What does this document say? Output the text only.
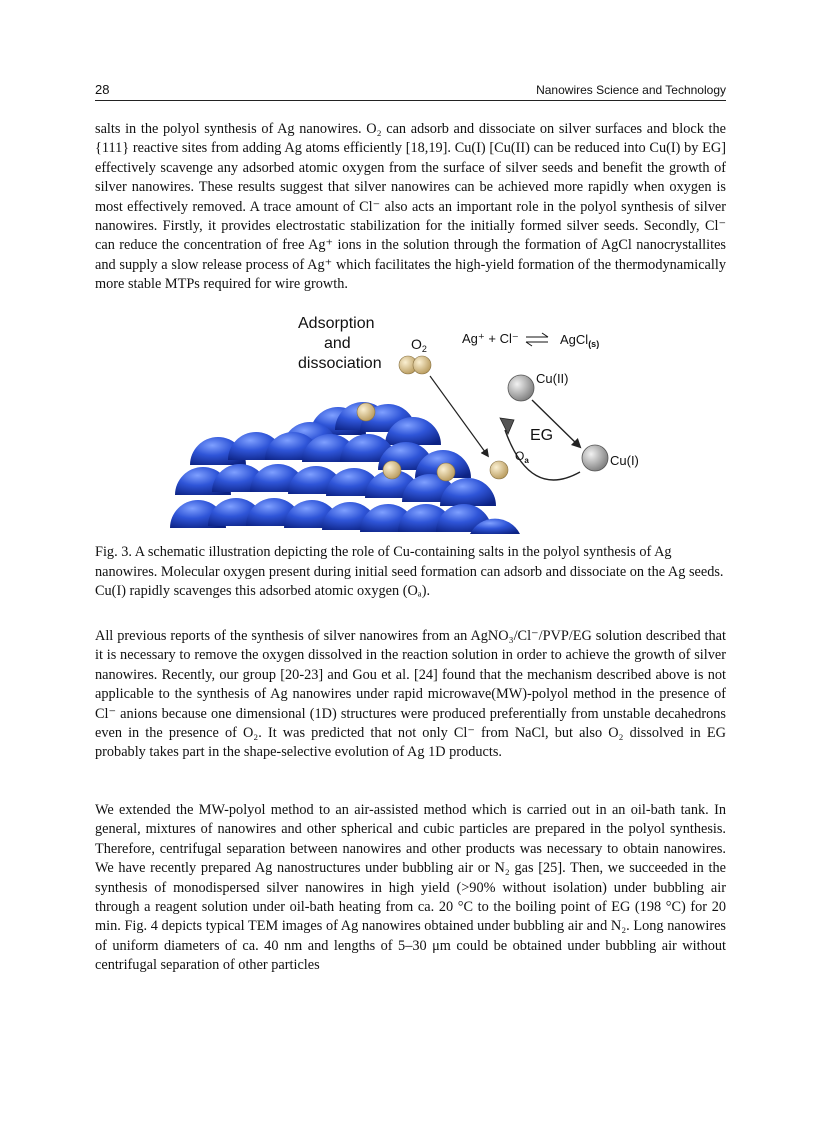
28	Nanowires Science and Technology
salts in the polyol synthesis of Ag nanowires. O₂ can adsorb and dissociate on silver surfaces and block the {111} reactive sites from adding Ag atoms efficiently [18,19]. Cu(I) [Cu(II) can be reduced into Cu(I) by EG] effectively scavenge any adsorbed atomic oxygen from the surface of silver seeds and benefit the growth of silver nanowires. These results suggest that silver nanowires can be achieved more rapidly when oxygen is most effectively removed. A trace amount of Cl⁻ also acts an important role in the polyol synthesis of silver nanowires. Firstly, it provides electrostatic stabilization for the initially formed silver seeds. Secondly, Cl⁻ can reduce the concentration of free Ag⁺ ions in the solution through the formation of AgCl nanocrystallites and supply a slow release process of Ag⁺ which facilitates the high-yield formation of the thermodynamically more stable MTPs required for wire growth.
Adsorption
and
dissociation
$O_2$
Ag⁺ + Cl⁻	AgCl$_{(s)}$
Cu(II)
Cu(I)
EG
$O_a$
Fig. 3. A schematic illustration depicting the role of Cu-containing salts in the polyol synthesis of Ag nanowires. Molecular oxygen present during initial seed formation can adsorb and dissociate on the Ag seeds. Cu(I) rapidly scavenges this adsorbed atomic oxygen (Oₐ).
All previous reports of the synthesis of silver nanowires from an AgNO₃/Cl⁻/PVP/EG solution described that it is necessary to remove the oxygen dissolved in the reaction solution in order to achieve the growth of silver nanowires. Recently, our group [20-23] and Gou et al. [24] found that the mechanism described above is not applicable to the synthesis of Ag nanowires under rapid microwave(MW)-polyol method in the presence of Cl⁻ anions because one dimensional (1D) structures were produced preferentially from unstable decahedrons even in the presence of O₂. It was predicted that not only Cl⁻ from NaCl, but also O₂ dissolved in EG probably takes part in the shape-selective evolution of Ag 1D products.
We extended the MW-polyol method to an air-assisted method which is carried out in an oil-bath tank. In general, mixtures of nanowires and other spherical and cubic particles are prepared in the polyol synthesis. Therefore, centrifugal separation between nanowires and other products was necessary to obtain nanowires. We have recently prepared Ag nanostructures under bubbling air or N₂ gas [25]. Then, we succeeded in the synthesis of monodispersed silver nanowires in high yield (>90% without isolation) under bubbling air through a reagent solution under oil-bath heating from ca. 20 °C to the boiling point of EG (198 °C) for 20 min. Fig. 4 depicts typical TEM images of Ag nanowires obtained under bubbling air and N₂. Long nanowires of uniform diameters of ca. 40 nm and lengths of 5–30 μm could be obtained under bubbling air without centrifugal separation of other particles
